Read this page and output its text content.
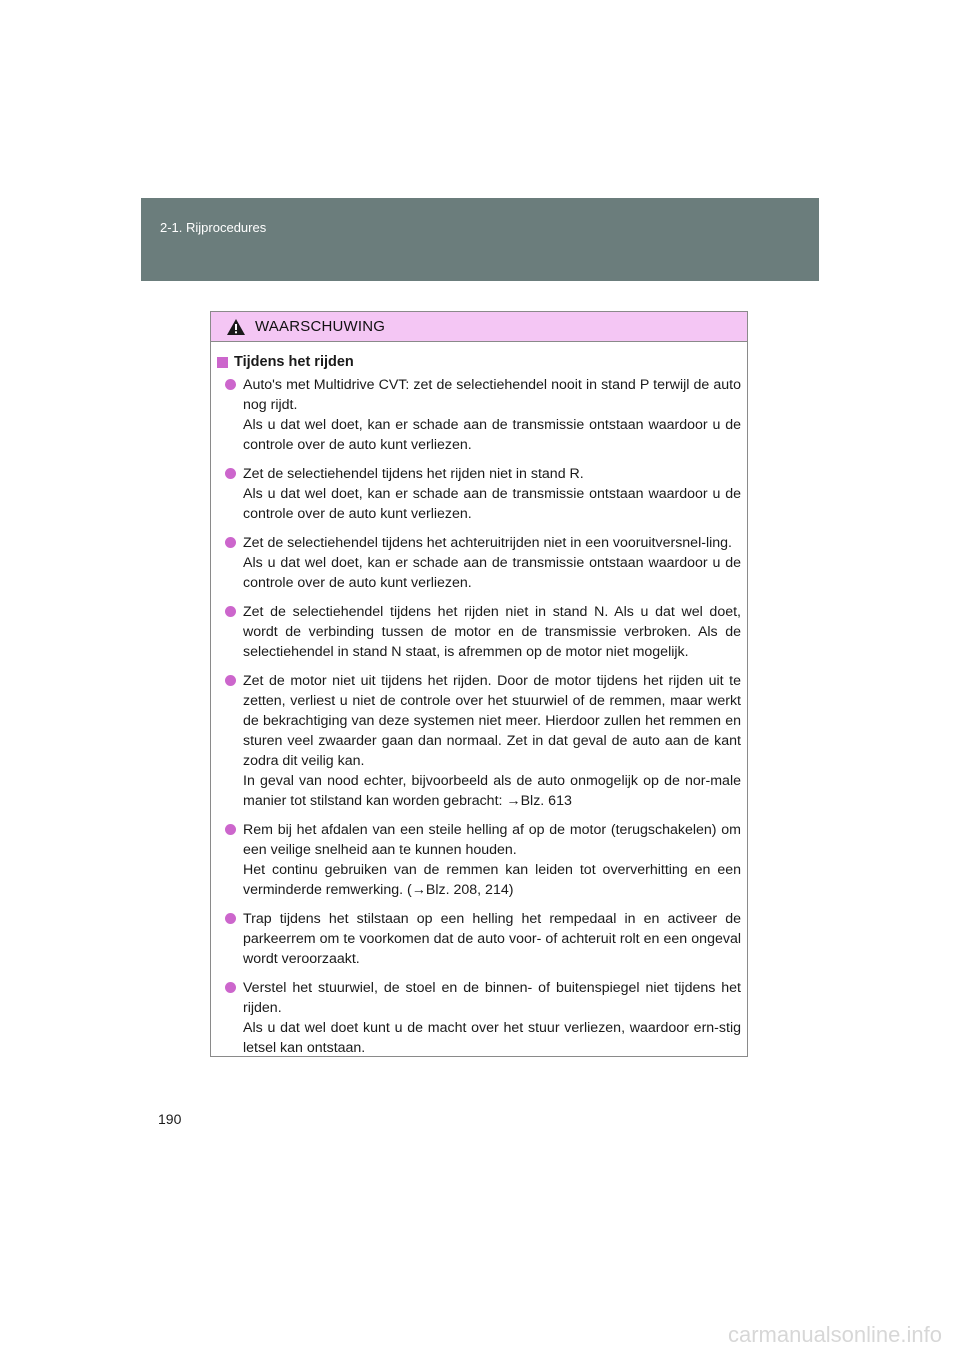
2-1. Rijprocedures
WAARSCHUWING
Tijdens het rijden
Auto's met Multidrive CVT: zet de selectiehendel nooit in stand P terwijl de auto nog rijdt.
Als u dat wel doet, kan er schade aan de transmissie ontstaan waardoor u de controle over de auto kunt verliezen.
Zet de selectiehendel tijdens het rijden niet in stand R.
Als u dat wel doet, kan er schade aan de transmissie ontstaan waardoor u de controle over de auto kunt verliezen.
Zet de selectiehendel tijdens het achteruitrijden niet in een vooruitversnel-ling.
Als u dat wel doet, kan er schade aan de transmissie ontstaan waardoor u de controle over de auto kunt verliezen.
Zet de selectiehendel tijdens het rijden niet in stand N. Als u dat wel doet, wordt de verbinding tussen de motor en de transmissie verbroken. Als de selectiehendel in stand N staat, is afremmen op de motor niet mogelijk.
Zet de motor niet uit tijdens het rijden. Door de motor tijdens het rijden uit te zetten, verliest u niet de controle over het stuurwiel of de remmen, maar werkt de bekrachtiging van deze systemen niet meer. Hierdoor zullen het remmen en sturen veel zwaarder gaan dan normaal. Zet in dat geval de auto aan de kant zodra dit veilig kan.
In geval van nood echter, bijvoorbeeld als de auto onmogelijk op de nor-male manier tot stilstand kan worden gebracht: →Blz. 613
Rem bij het afdalen van een steile helling af op de motor (terugschakelen) om een veilige snelheid aan te kunnen houden.
Het continu gebruiken van de remmen kan leiden tot oververhitting en een verminderde remwerking. (→Blz. 208, 214)
Trap tijdens het stilstaan op een helling het rempedaal in en activeer de parkeerrem om te voorkomen dat de auto voor- of achteruit rolt en een ongeval wordt veroorzaakt.
Verstel het stuurwiel, de stoel en de binnen- of buitenspiegel niet tijdens het rijden.
Als u dat wel doet kunt u de macht over het stuur verliezen, waardoor ern-stig letsel kan ontstaan.
190
carmanualsonline.info
